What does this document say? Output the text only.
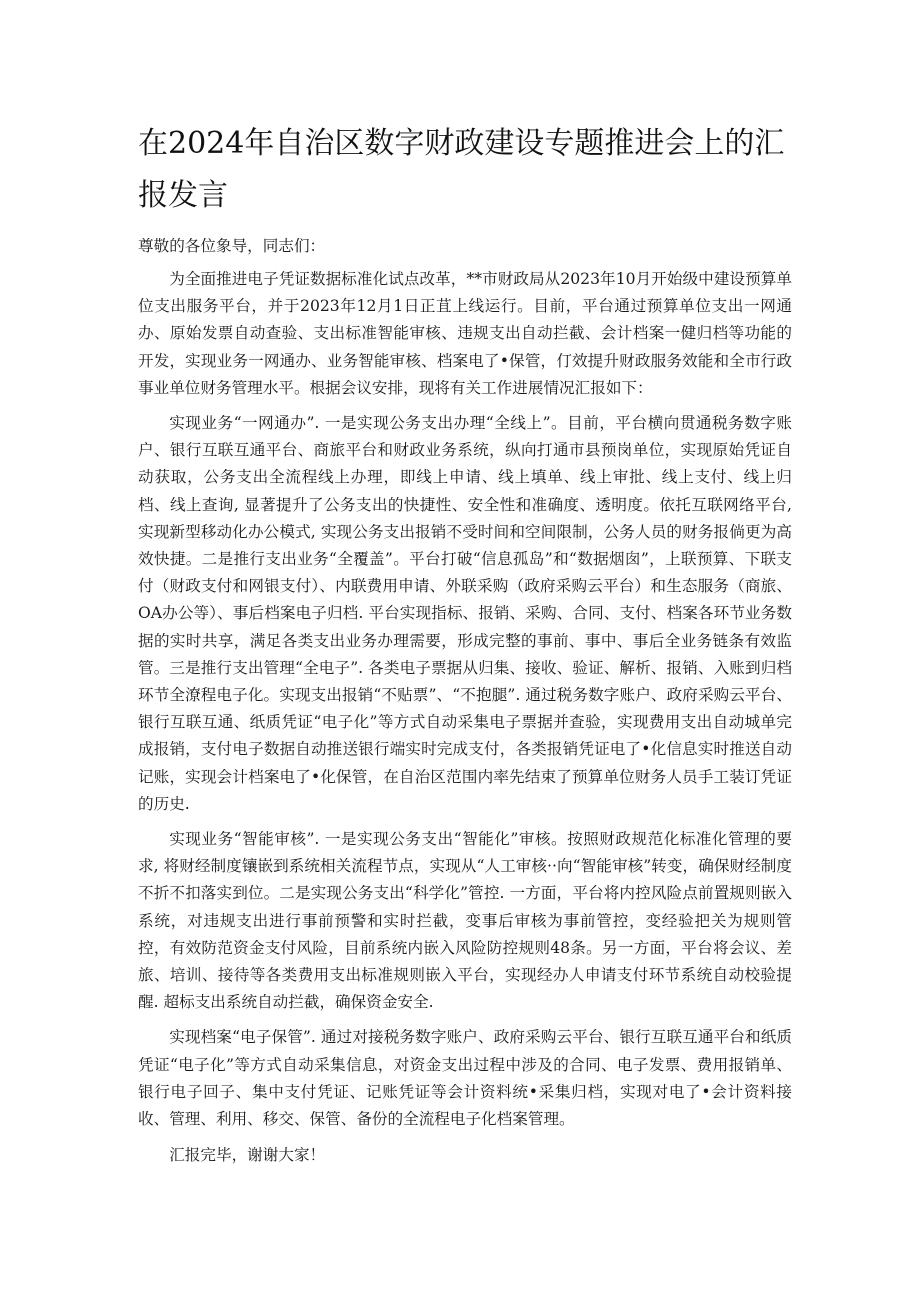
在2024年自治区数字财政建设专题推进会上的汇报发言

尊敬的各位象导，同志们：

为全面推进电子凭证数据标准化试点改革，**市财政局从2023年10月开始级中建设预算单位支出服务平台，并于2023年12月1日正苴上线运行。目前，平台通过预算单位支出一网通办、原始发票自动查验、支出标准智能审核、违规支出自动拦截、会计档案一健归档等功能的开发，实现业务一网通办、业务智能审核、档案电了•保管，仃效提升财政服务效能和全市行政事业单位财务管理水平。根据会议安排，现将有关工作进展情况汇报如下：

实现业务“一网通办”. 一是实现公务支出办理“全线上”。目前，平台横向贯通税务数字账户、银行互联互通平台、商旅平台和财政业务系统，纵向打通市县预岗单位，实现原始凭证自动获取，公务支出全流程线上办理，即线上申请、线上填单、线上审批、线上支付、线上归档、线上查询, 显著提升了公务支出的快捷性、安全性和准确度、透明度。依托互联网络平台, 实现新型移动化办公模式, 实现公务支出报销不受时间和空间限制，公务人员的财务报倘更为高效快捷。二是推行支出业务“全覆盖”。平台打破“信息孤岛”和“数据烟囱”，上联预算、下联支付（财政支付和网银支付）、内联费用申请、外联采购（政府采购云平台）和生态服务（商旅、OA办公等）、事后档案电子归档. 平台实现指标、报销、采购、合同、支付、档案各环节业务数据的实时共享，满足各类支出业务办理需要，形成完整的事前、事中、事后全业务链条有效监管。三是推行支出管理“全电子”. 各类电子票据从归集、接收、验证、解析、报销、入账到归档环节全潦程电子化。实现支出报销“不贴票”、“不抱腿”. 通过税务数字账户、政府采购云平台、银行互联互通、纸质凭证“电子化”等方式自动采集电子票据并查验，实现费用支出自动城单完成报销，支付电子数据自动推送银行端实时完成支付，各类报销凭证电了•化信息实时推送自动记账，实现会计档案电了•化保管，在自治区范围内率先结束了预算单位财务人员手工装订凭证的历史.

实现业务“智能审核”. 一是实现公务支出“智能化”审核。按照财政规范化标准化管理的要求, 将财经制度镶嵌到系统相关流程节点，实现从“人工审核··向“智能审核”转变，确保财经制度不折不扣落实到位。二是实现公务支出“科学化”管控. 一方面，平台将内控风险点前置规则嵌入系统，对违规支出进行事前预警和实时拦截，变事后审核为事前管控，变经验把关为规则管控，有效防范资金支付风险，目前系统内嵌入风险防控规则48条。另一方面，平台将会议、差旅、培训、接待等各类费用支出标准规则嵌入平台，实现经办人申请支付环节系统自动校验提醒. 超标支出系统自动拦截，确保资金安全.

实现档案“电子保管”. 通过对接税务数字账户、政府采购云平台、银行互联互通平台和纸质凭证“电子化”等方式自动采集信息，对资金支出过程中涉及的合同、电子发票、费用报销单、银行电子回子、集中支付凭证、记账凭证等会计资料统•采集归档，实现对电了•会计资料接收、管理、利用、移交、保管、备份的全流程电子化档案管理。

汇报完毕，谢谢大家！
